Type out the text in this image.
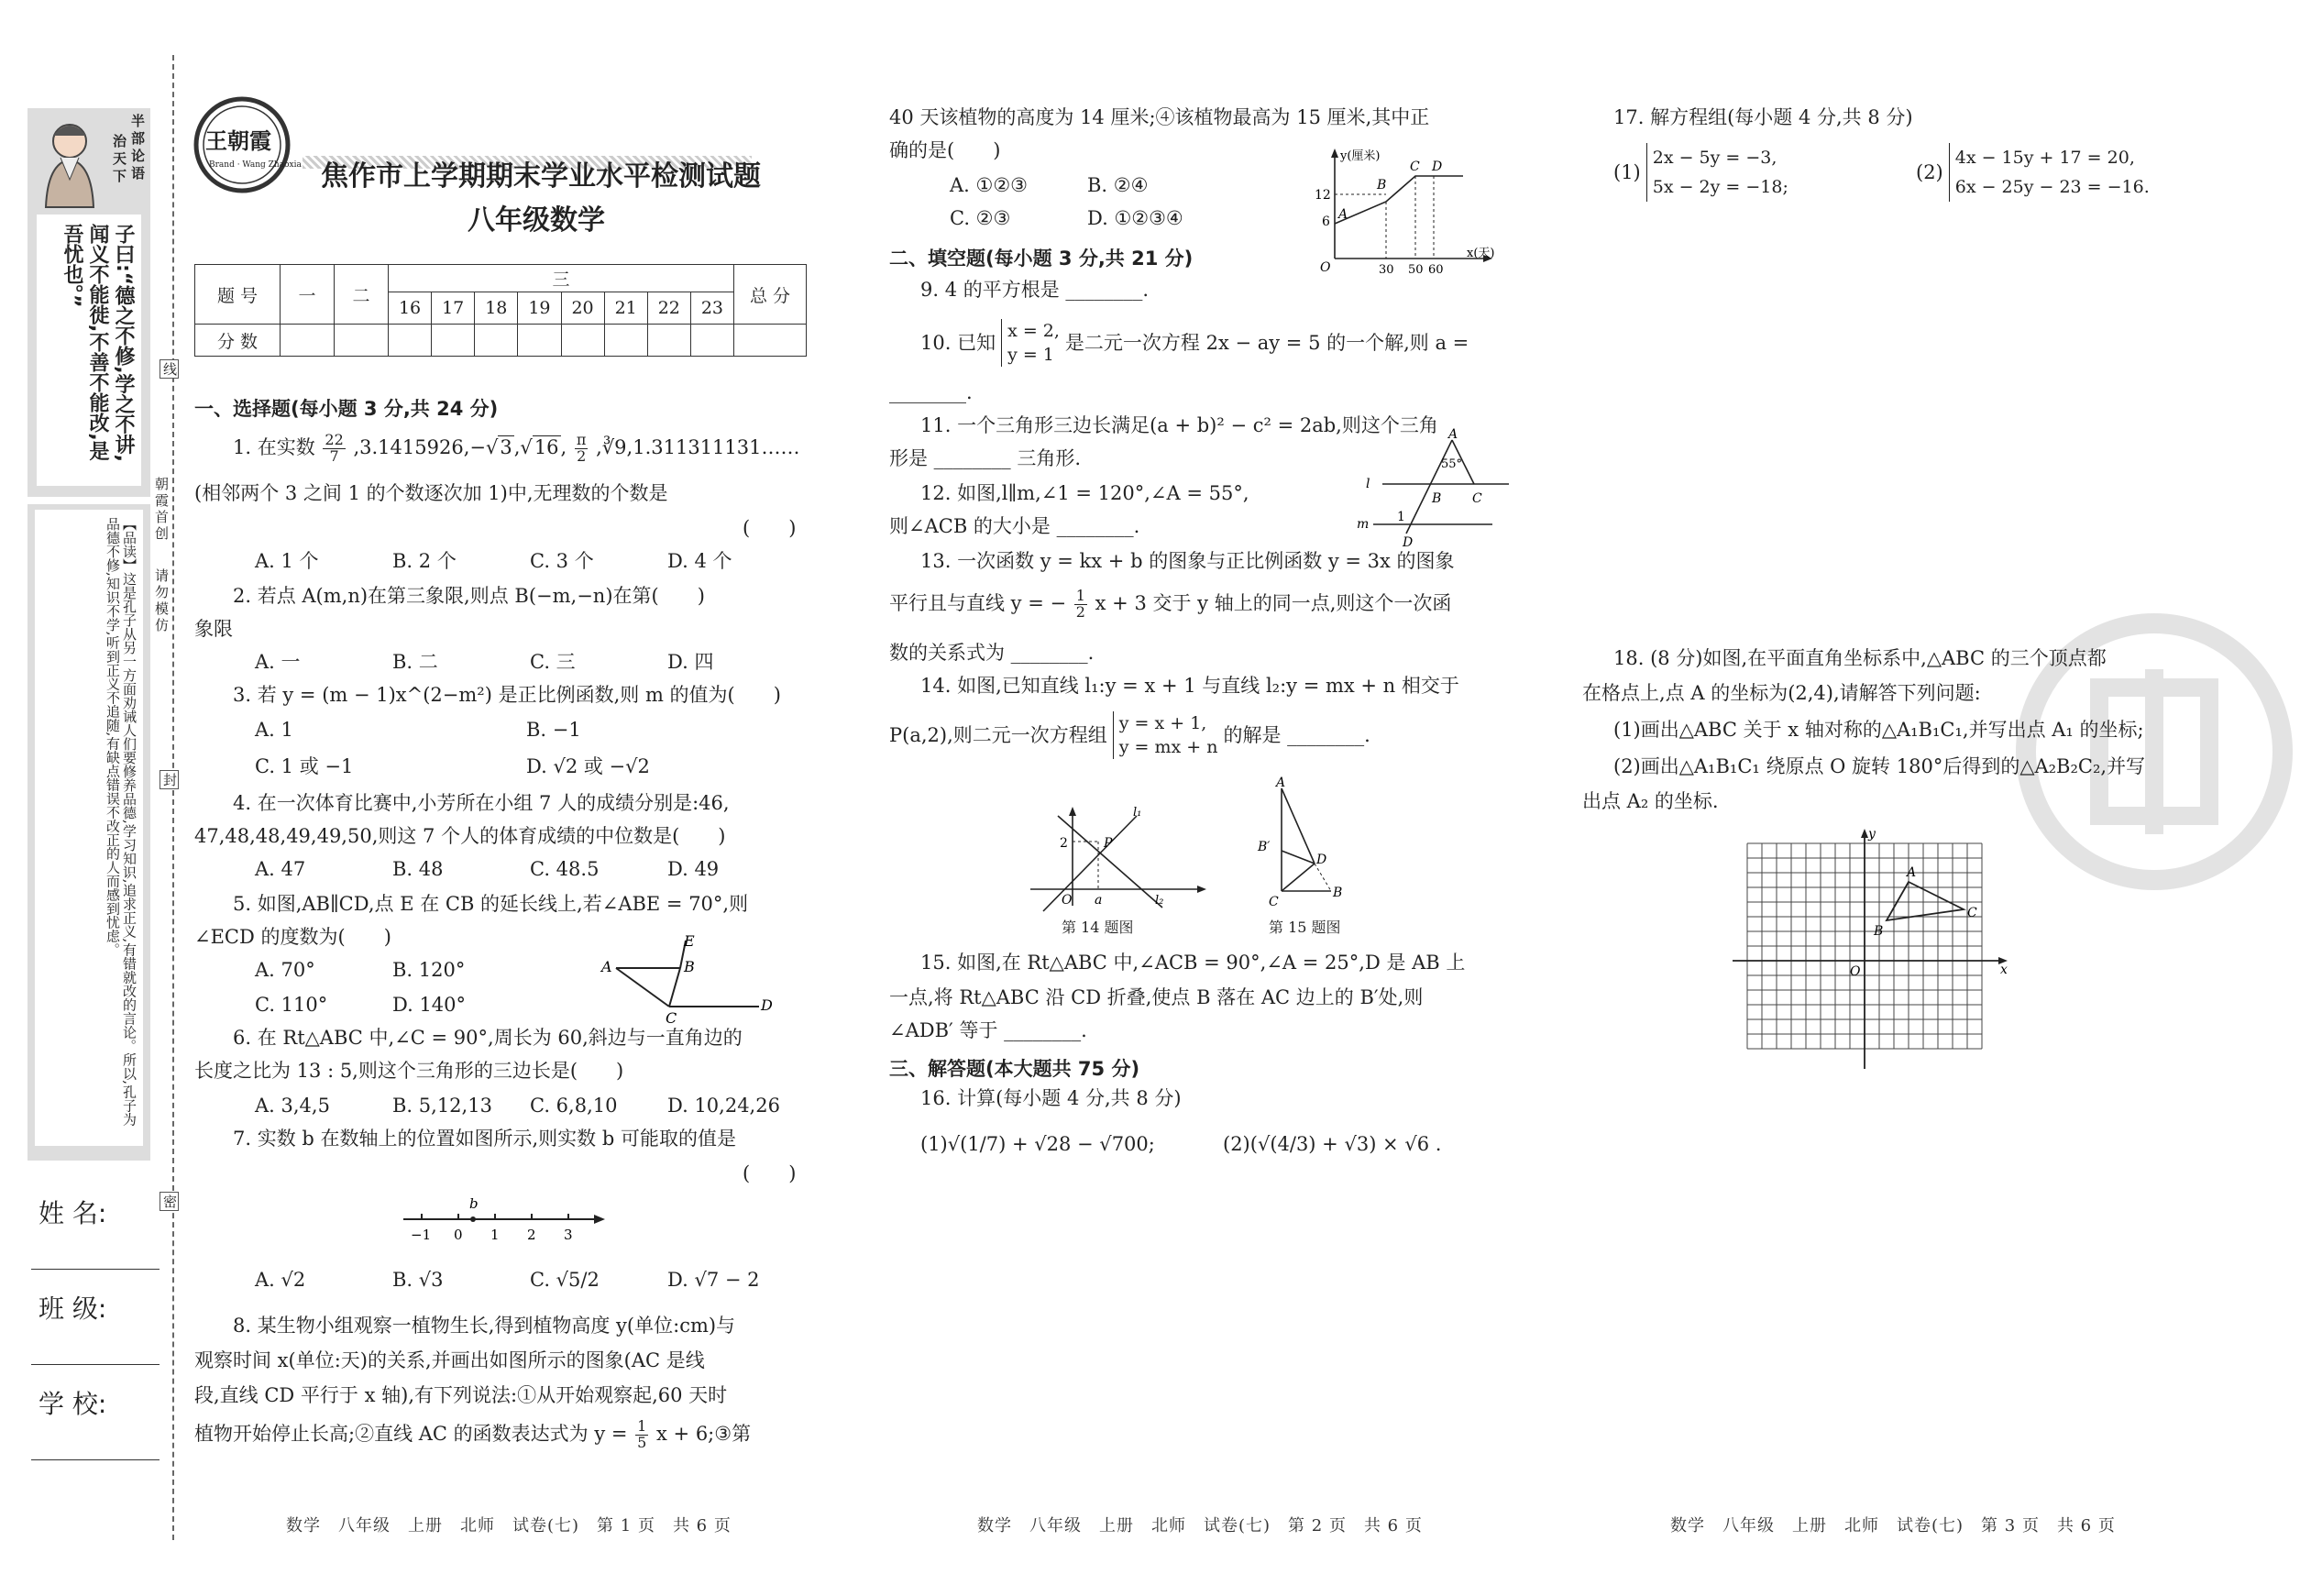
半部论语
治天下
子曰:“德之不修,学之不讲,闻义不能徙,不善不能改,是吾忧也。”
【品读】这是孔子从另一方面劝诫人们要修养品德,学习知识,追求正义,有错就改的言论。所以,孔子为品德不修,知识不学,听到正义不追随,有缺点错误不改正的人而感到忧虑。
线
封
密
朝霞首创
请勿模仿
姓 名:
班 级:
学 校:
王朝霞
Brand · Wang Zhaoxia 焦作市上学期期末学业水平检测试题
八年级数学
题 号	一	二	三								总 分
			16	17	18	19	20	21	22	23	
分 数											
一、选择题(每小题 3 分,共 24 分)
1. 在实数 $\frac{22}{7} ,3.1415926,-√3,√16$, $\frac{\pi}{2}$ ,∛9,1.311311131……
(相邻两个 3 之间 1 的个数逐次加 1)中,无理数的个数是
(　　)
A. 1 个	B. 2 个	C. 3 个	D. 4 个
2. 若点 A(m,n)在第三象限,则点 B(−m,−n)在第(　　)
象限
A. 一	B. 二	C. 三	D. 四
3. 若 y = (m − 1)x^(2−m²) 是正比例函数,则 m 的值为(　　)
A. 1	B. −1
C. 1 或 −1	D. √2 或 −√2
4. 在一次体育比赛中,小芳所在小组 7 人的成绩分别是:46,
47,48,48,49,49,50,则这 7 个人的体育成绩的中位数是(　　)
A. 47	B. 48	C. 48.5	D. 49
5. 如图,AB∥CD,点 E 在 CB 的延长线上,若∠ABE = 70°,则
∠ECD 的度数为(　　)
A. 70°	B. 120°
C. 110°	D. 140°
E
A	B
C
D
6. 在 Rt△ABC 中,∠C = 90°,周长为 60,斜边与一直角边的
长度之比为 13 : 5,则这个三角形的三边长是(　　)
A. 3,4,5	B. 5,12,13 C. 6,8,10	D. 10,24,26
7. 实数 b 在数轴上的位置如图所示,则实数 b 可能取的值是
(　　)
b
−1 0 1 2 3
A. √2	B. √3	C. √5/2	D. √7 − 2
8. 某生物小组观察一植物生长,得到植物高度 y(单位:cm)与
观察时间 x(单位:天)的关系,并画出如图所示的图象(AC 是线
段,直线 CD 平行于 x 轴),有下列说法:①从开始观察起,60 天时
植物开始停止长高;②直线 AC 的函数表达式为 $y = \frac{1}{5}$ x + 6;③第
数学　八年级　上册　北师　试卷(七)　第 1 页　共 6 页
40 天该植物的高度为 14 厘米;④该植物最高为 15 厘米,其中正
确的是(　　)
A. ①②③	B. ②④
C. ②③	D. ①②③④
y(厘米)
x(天)
12
6
30 50 60
O
A
B
C D
二、填空题(每小题 3 分,共 21 分)
9. 4 的平方根是 ________.
10. 已知
x = 2,
y = 1
是二元一次方程 2x − ay = 5 的一个解,则 a =
________.
11. 一个三角形三边长满足(a + b)² − c² = 2ab,则这个三角
形是 ________ 三角形.
12. 如图,l∥m,∠1 = 120°,∠A = 55°,
则∠ACB 的大小是 ________.
A
55°
l
B C
1
m
D
13. 一次函数 y = kx + b 的图象与正比例函数 y = 3x 的图象
平行且与直线 y = − $\frac{1}{2}$ x + 3 交于 y 轴上的同一点,则这个一次函
数的关系式为 ________.
14. 如图,已知直线 l₁:y = x + 1 与直线 l₂:y = mx + n 相交于
P(a,2),则二元一次方程组
y = x + 1,
y = mx + n
的解是 ________.
l₁
2	P
O a	l₂
第 14 题图
A
B′
D
C
B
第 15 题图
15. 如图,在 Rt△ABC 中,∠ACB = 90°,∠A = 25°,D 是 AB 上
一点,将 Rt△ABC 沿 CD 折叠,使点 B 落在 AC 边上的 B′处,则
∠ADB′ 等于 ________.
三、解答题(本大题共 75 分)
16. 计算(每小题 4 分,共 8 分)
(1)√(1/7) + √28 − √700;	(2)(√(4/3) + √3) × √6 .
数学　八年级　上册　北师　试卷(七)　第 2 页　共 6 页
17. 解方程组(每小题 4 分,共 8 分)
(1)
2x − 5y = −3,
5x − 2y = −18;
(2)
4x − 15y + 17 = 20,
6x − 25y − 23 = −16.
18. (8 分)如图,在平面直角坐标系中,△ABC 的三个顶点都
在格点上,点 A 的坐标为(2,4),请解答下列问题:
(1)画出△ABC 关于 x 轴对称的△A₁B₁C₁,并写出点 A₁ 的坐标;
(2)画出△A₁B₁C₁ 绕原点 O 旋转 180°后得到的△A₂B₂C₂,并写
出点 A₂ 的坐标.
y
x
O
A
B
C
数学　八年级　上册　北师　试卷(七)　第 3 页　共 6 页
